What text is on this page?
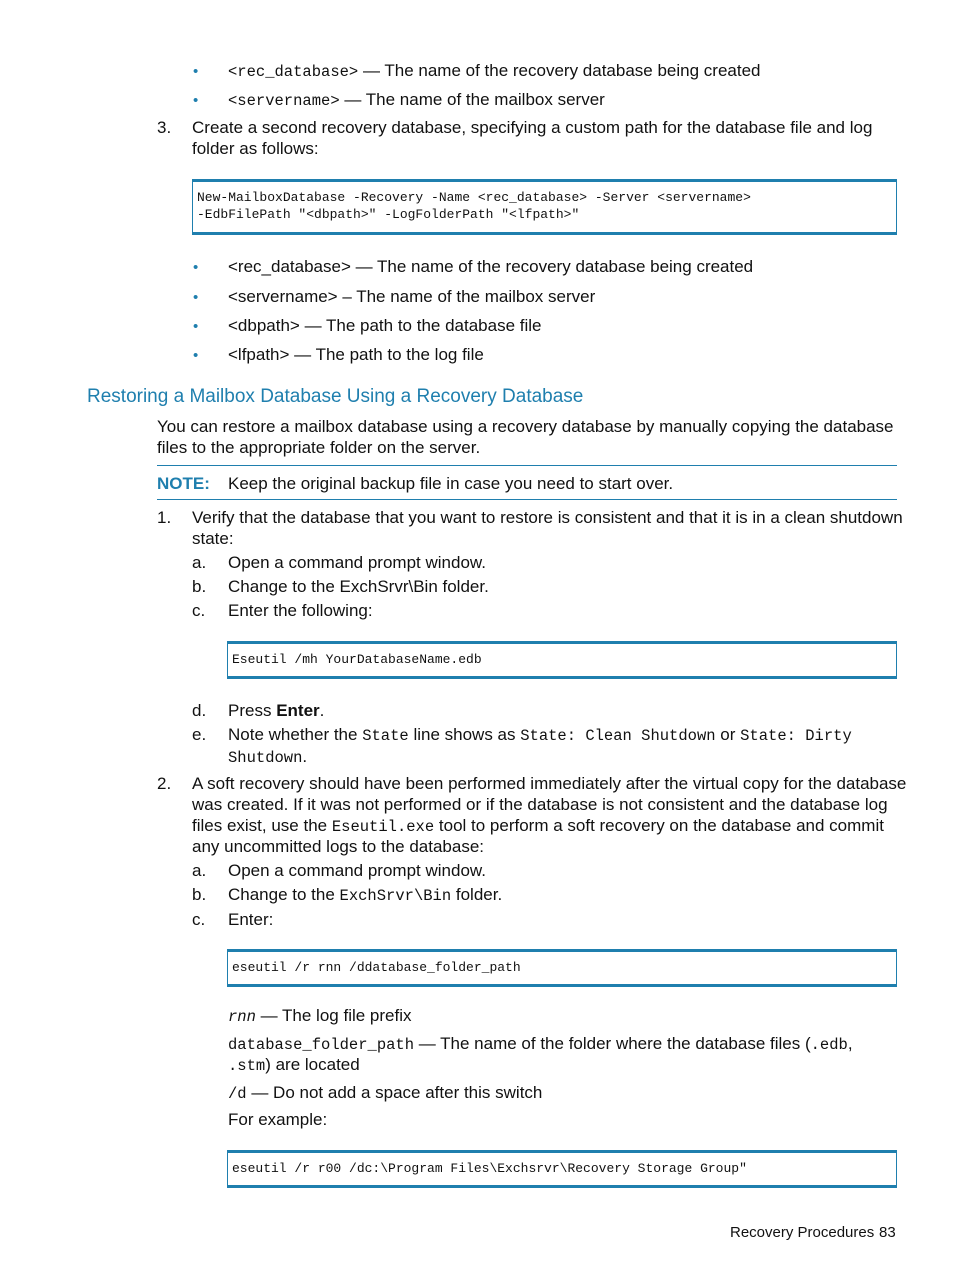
• <rec_database> — The name of the recovery database being created
• <servername> — The name of the mailbox server
3. Create a second recovery database, specifying a custom path for the database file and log
folder as follows:
New-MailboxDatabase -Recovery -Name <rec_database> -Server <servername>
-EdbFilePath "<dbpath>" -LogFolderPath "<lfpath>"
• <rec_database> — The name of the recovery database being created
• <servername> – The name of the mailbox server
• <dbpath> — The path to the database file
• <lfpath> — The path to the log file
Restoring a Mailbox Database Using a Recovery Database
You can restore a mailbox database using a recovery database by manually copying the database
files to the appropriate folder on the server.
NOTE: Keep the original backup file in case you need to start over.
1. Verify that the database that you want to restore is consistent and that it is in a clean shutdown
state:
a. Open a command prompt window.
b. Change to the ExchSrvr\Bin folder.
c. Enter the following:
Eseutil /mh YourDatabaseName.edb
d. Press Enter.
e. Note whether the State line shows as State: Clean Shutdown or State: Dirty
Shutdown.
2. A soft recovery should have been performed immediately after the virtual copy for the database
was created. If it was not performed or if the database is not consistent and the database log
files exist, use the Eseutil.exe tool to perform a soft recovery on the database and commit
any uncommitted logs to the database:
a. Open a command prompt window.
b. Change to the ExchSrvr\Bin folder.
c. Enter:
eseutil /r rnn /ddatabase_folder_path
rnn — The log file prefix
database_folder_path — The name of the folder where the database files (.edb,
.stm) are located
/d — Do not add a space after this switch
For example:
eseutil /r r00 /dc:\Program Files\Exchsrvr\Recovery Storage Group"
Recovery Procedures 83
